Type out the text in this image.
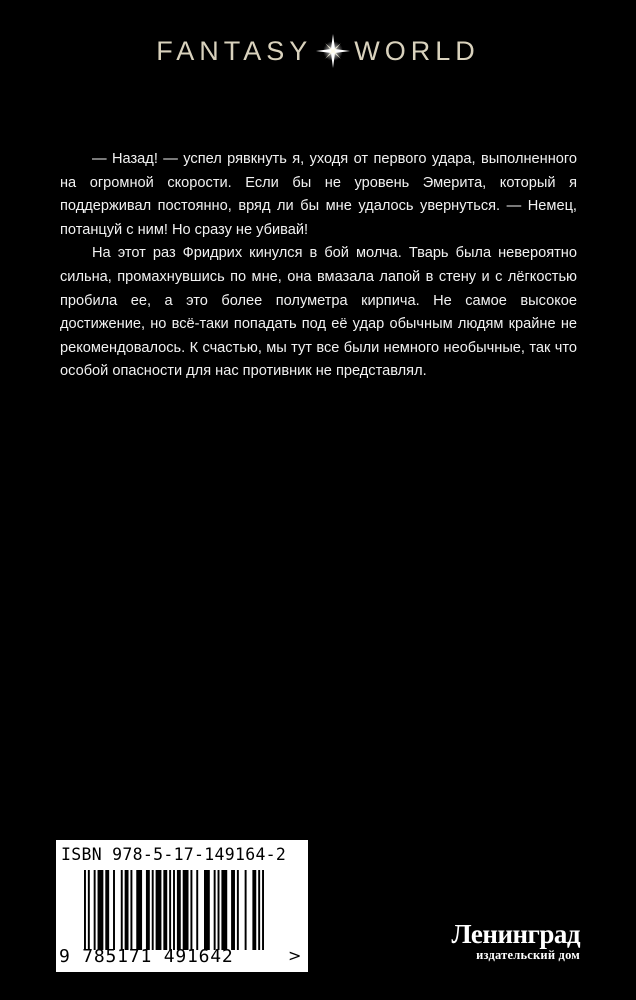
FANTASY WORLD

— Назад! — успел рявкнуть я, уходя от первого удара, выполненного на огромной скорости. Если бы не уровень Эмерита, который я поддерживал постоянно, вряд ли бы мне удалось увернуться. — Немец, потанцуй с ним! Но сразу не убивай!

На этот раз Фридрих кинулся в бой молча. Тварь была невероятно сильна, промахнувшись по мне, она вмазала лапой в стену и с лёгкостью пробила ее, а это более полуметра кирпича. Не самое высокое достижение, но всё-таки попадать под её удар обычным людям крайне не рекомендовалось. К счастью, мы тут все были немного необычные, так что особой опасности для нас противник не представлял.

ISBN 978-5-17-149164-2
9 785171 491642	>
Ленинград
издательский дом
